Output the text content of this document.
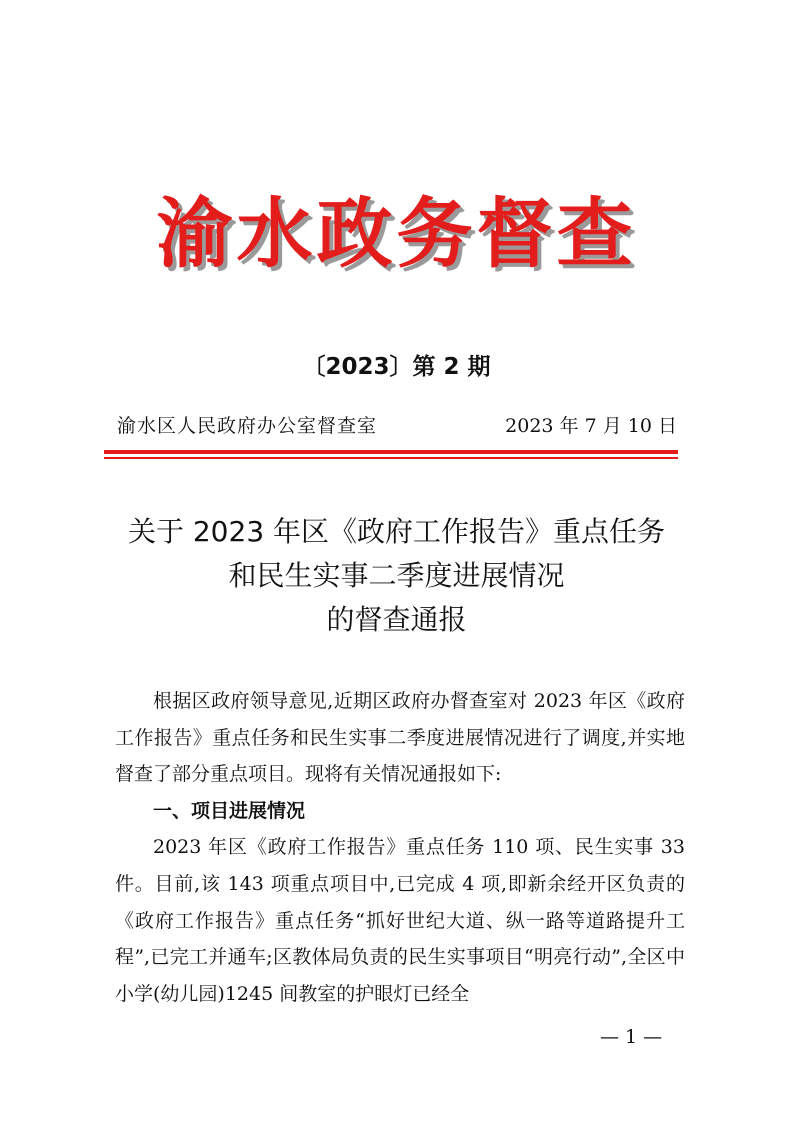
渝水政务督查
〔2023〕第 2 期
渝水区人民政府办公室督查室	2023 年 7 月 10 日
关于 2023 年区《政府工作报告》重点任务
和民生实事二季度进展情况
的督查通报

根据区政府领导意见,近期区政府办督查室对 2023 年区《政府工作报告》重点任务和民生实事二季度进展情况进行了调度,并实地督查了部分重点项目。现将有关情况通报如下:

一、项目进展情况

2023 年区《政府工作报告》重点任务 110 项、民生实事 33 件。目前,该 143 项重点项目中,已完成 4 项,即新余经开区负责的《政府工作报告》重点任务“抓好世纪大道、纵一路等道路提升工程”,已完工并通车;区教体局负责的民生实事项目“明亮行动”,全区中小学(幼儿园)1245 间教室的护眼灯已经全

— 1 —
